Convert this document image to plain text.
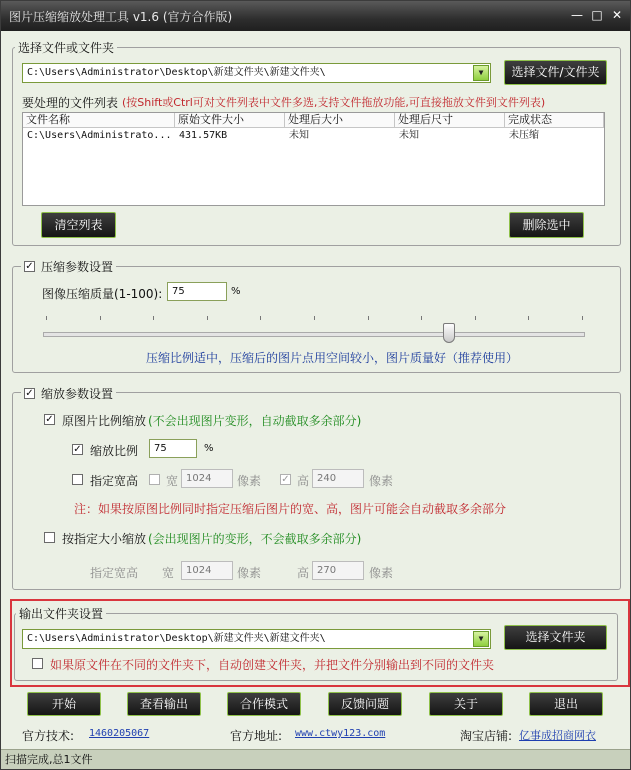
图片压缩缩放处理工具 v1.6 (官方合作版)	— □ ✕
选择文件或文件夹
C:\Users\Administrator\Desktop\新建文件夹\新建文件夹\	▼	选择文件/文件夹
要处理的文件列表 (按Shift或Ctrl可对文件列表中文件多选,支持文件拖放功能,可直接拖放文件到文件列表)
文件名称	原始文件大小	处理后大小	处理后尺寸	完成状态
C:\Users\Administrato... 431.57KB	未知	未知	未压缩
清空列表	删除选中
压缩参数设置
✓
图像压缩质量(1-100): 75	%
压缩比例适中，压缩后的图片点用空间较小，图片质量好（推荐使用）
缩放参数设置
✓
✓ 原图片比例缩放 (不会出现图片变形，自动截取多余部分)
✓ 缩放比例	75	%
指定宽高 宽 1024	像素 ✓ 高 240	像素
注：如果按原图比例同时指定压缩后图片的宽、高，图片可能会自动截取多余部分
按指定大小缩放 (会出现图片的变形，不会截取多余部分)
指定宽高 宽	1024	像素	高 270	像素
输出文件夹设置
C:\Users\Administrator\Desktop\新建文件夹\新建文件夹\	▼	选择文件夹
如果原文件在不同的文件夹下，自动创建文件夹，并把文件分别输出到不同的文件夹
开始	查看输出	合作模式	反馈问题	关于	退出
官方技术: 1460205067	官方地址: www.ctwy123.com	淘宝店铺: 亿事成招商网衣
扫描完成,总1文件
